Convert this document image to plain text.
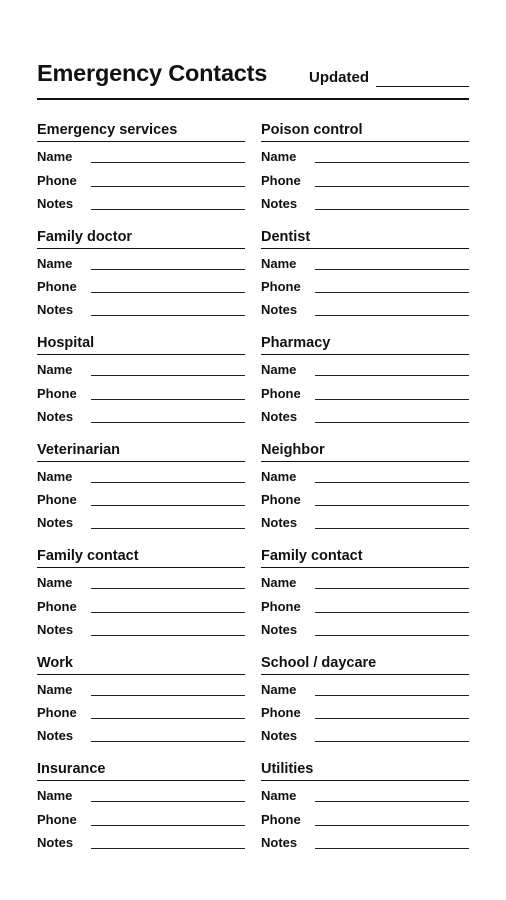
Emergency Contacts	Updated
Emergency services
Name
Phone
Notes
Poison control
Name
Phone
Notes
Family doctor
Name
Phone
Notes
Dentist
Name
Phone
Notes
Hospital
Name
Phone
Notes
Pharmacy
Name
Phone
Notes
Veterinarian
Name
Phone
Notes
Neighbor
Name
Phone
Notes
Family contact
Name
Phone
Notes
Family contact
Name
Phone
Notes
Work
Name
Phone
Notes
School / daycare
Name
Phone
Notes
Insurance
Name
Phone
Notes
Utilities
Name
Phone
Notes
